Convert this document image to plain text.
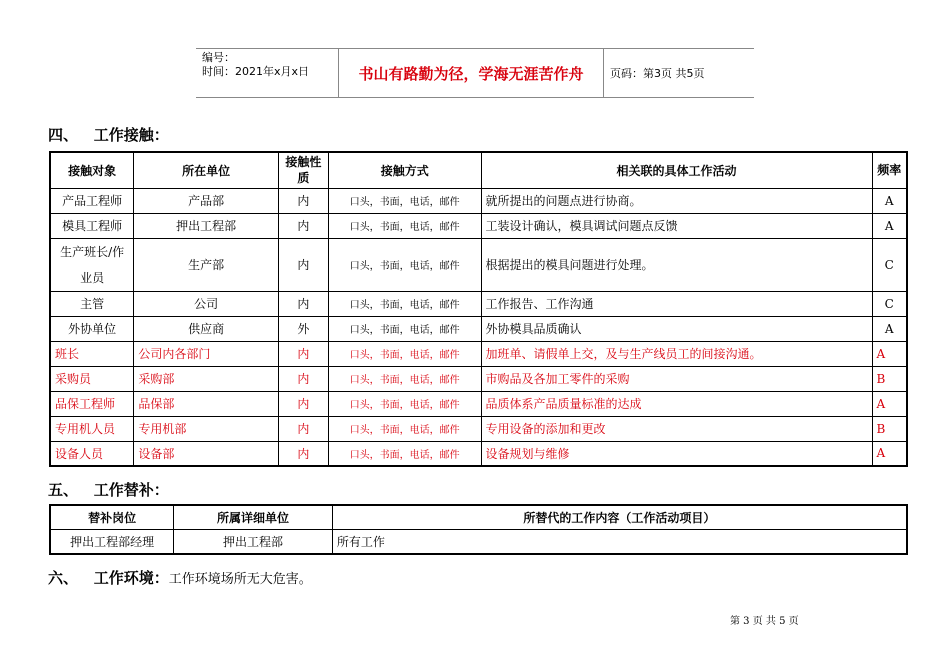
编号：
时间：2021年x月x日	书山有路勤为径，学海无涯苦作舟	页码：第3页 共5页
四、 工作接触：
接触对象	所在单位	接触性质	接触方式	相关联的具体工作活动	频率
产品工程师	产品部	内	口头，书面，电话，邮件	就所提出的问题点进行协商。	A
模具工程师	押出工程部	内	口头，书面，电话，邮件	工装设计确认，模具调试问题点反馈	A
生产班长/作业员	生产部	内	口头，书面，电话，邮件	根据提出的模具问题进行处理。	C
主管	公司	内	口头，书面，电话，邮件	工作报告、工作沟通	C
外协单位	供应商	外	口头，书面，电话，邮件	外协模具品质确认	A
班长	公司内各部门	内	口头，书面，电话，邮件	加班单、请假单上交，及与生产线员工的间接沟通。	A
采购员	采购部	内	口头，书面，电话，邮件	市购品及各加工零件的采购	B
品保工程师	品保部	内	口头，书面，电话，邮件	品质体系产品质量标准的达成	A
专用机人员	专用机部	内	口头，书面，电话，邮件	专用设备的添加和更改	B
设备人员	设备部	内	口头，书面，电话，邮件	设备规划与维修	A
五、 工作替补：
替补岗位	所属详细单位	所替代的工作内容（工作活动项目）
押出工程部经理	押出工程部	所有工作
六、 工作环境：工作环境场所无大危害。
第 3 页 共 5 页
